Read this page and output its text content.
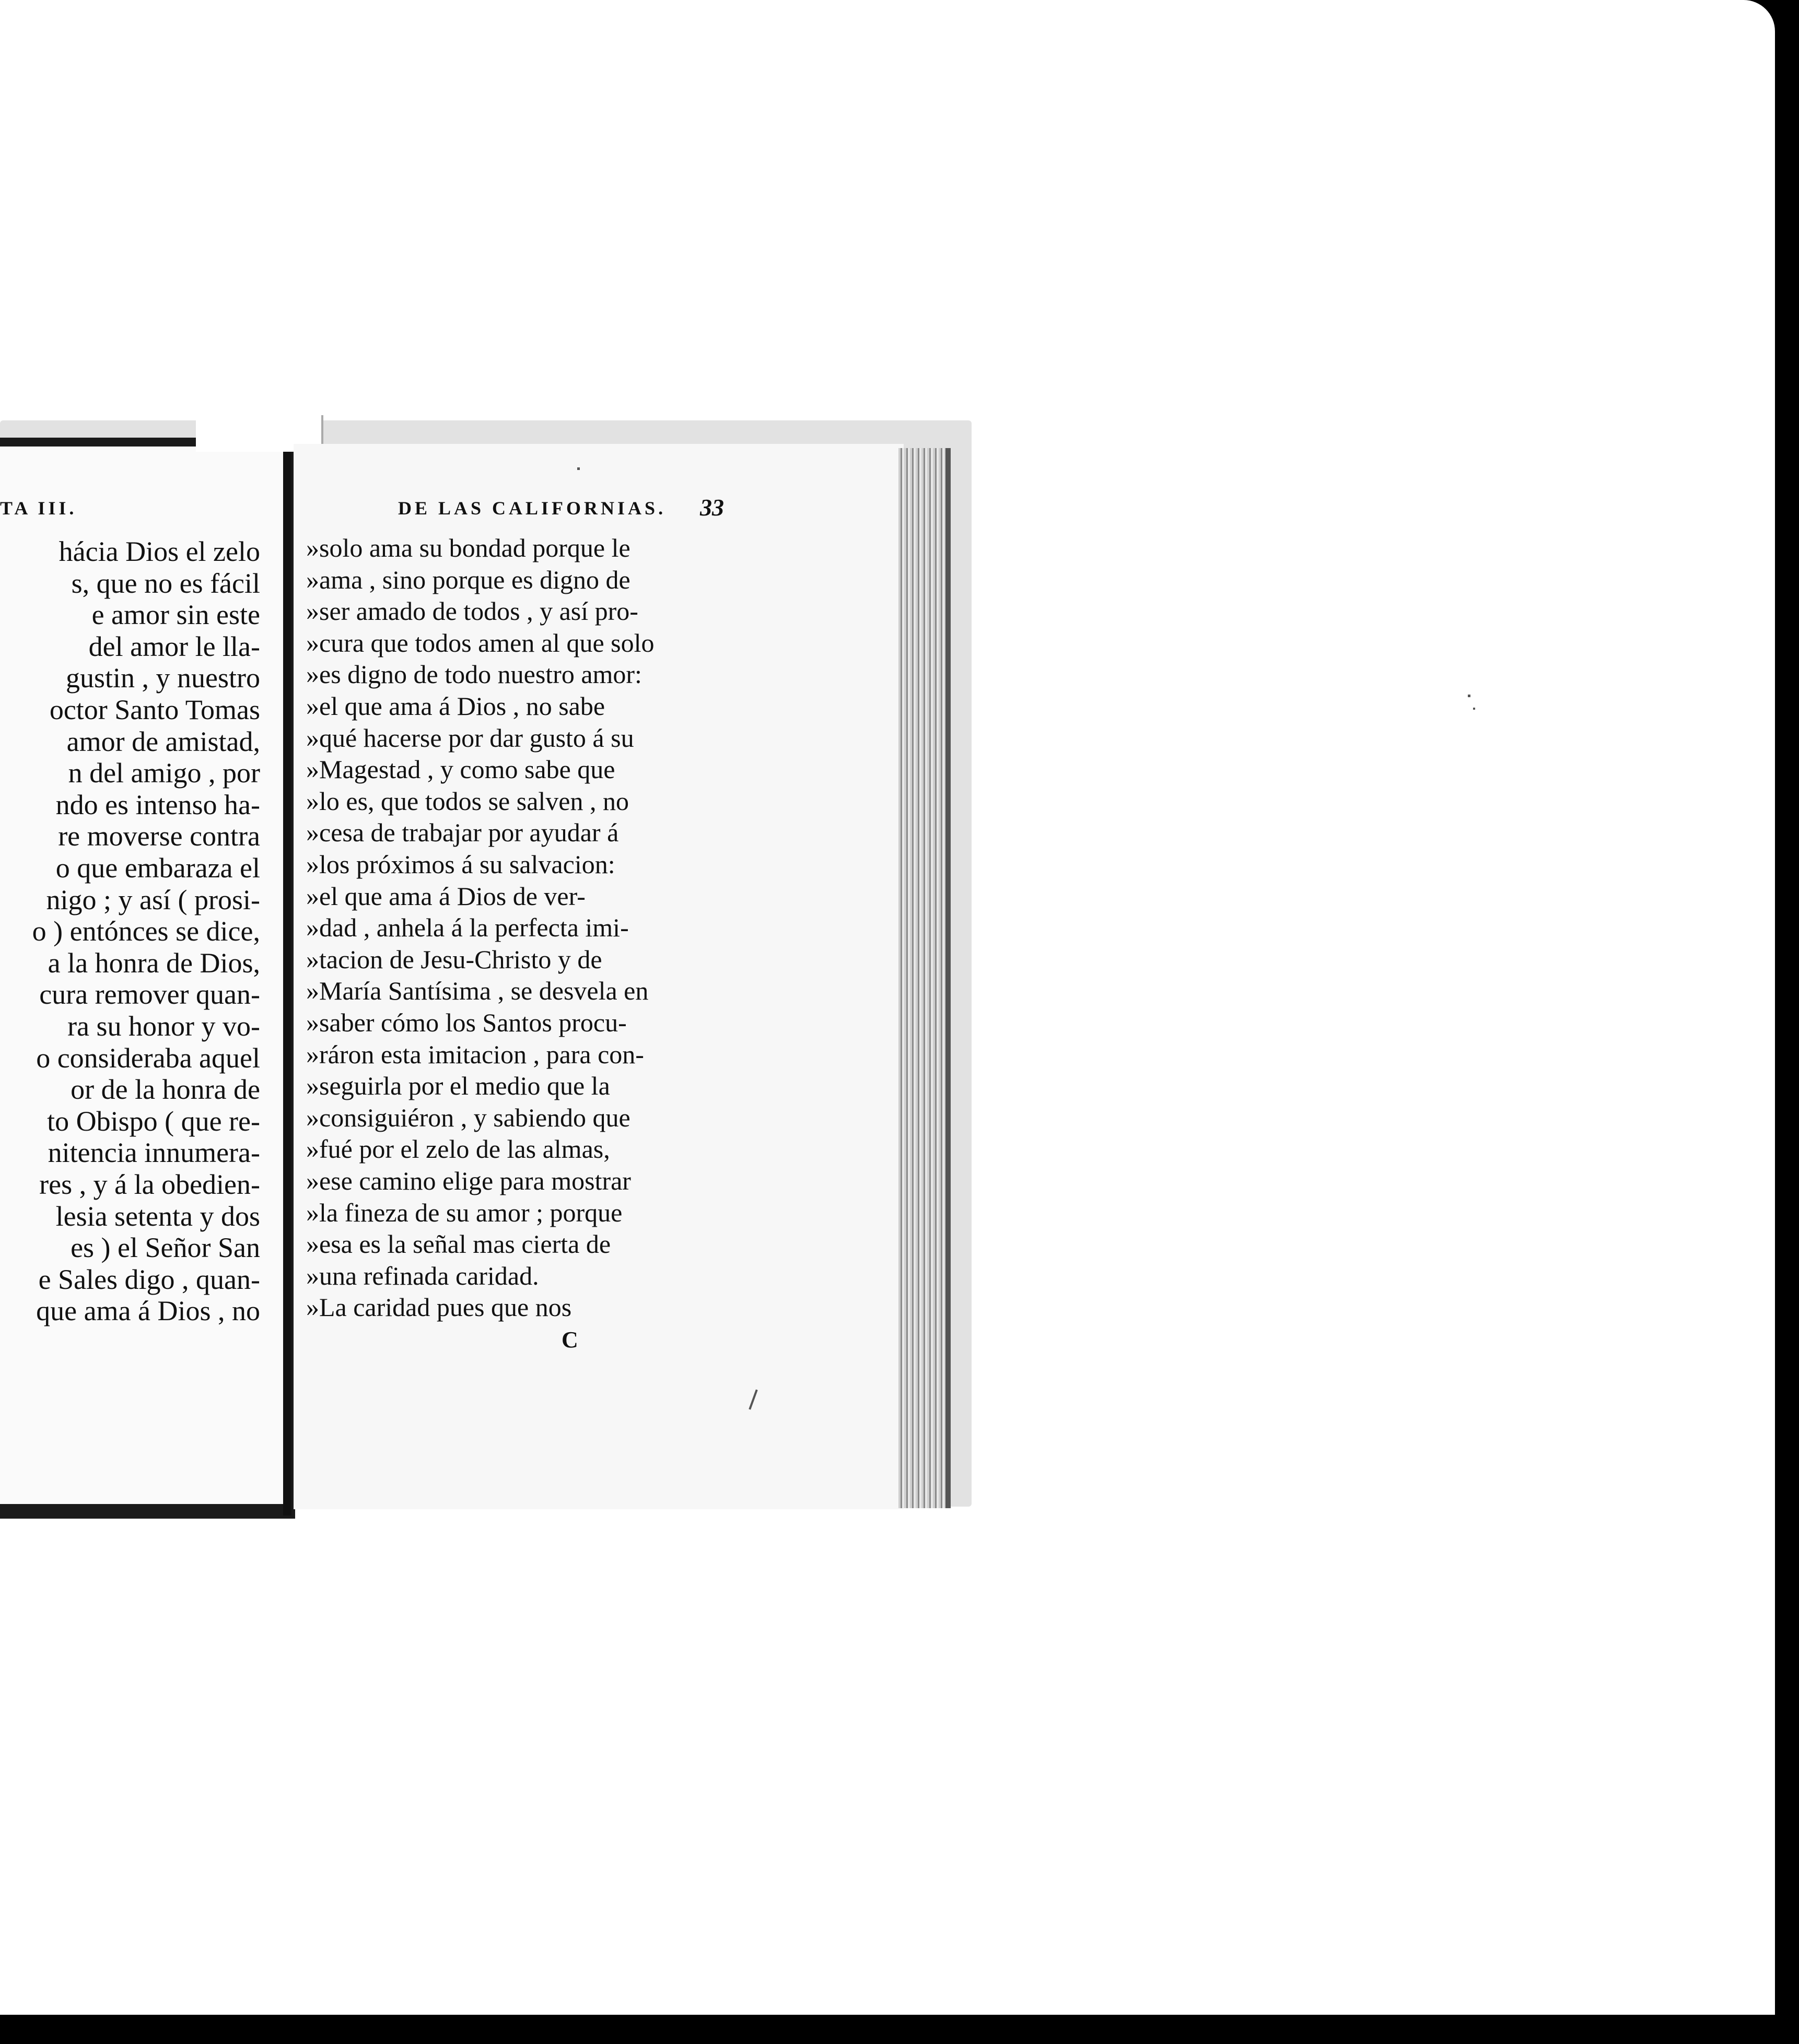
TA III.	DE LAS CALIFORNIAS. 33
C
hácia Dios el zelo
s, que no es fácil
e amor sin este
del amor le lla-
gustin , y nuestro
octor Santo Tomas
amor de amistad,
n del amigo , por
ndo es intenso ha-
re moverse contra
o que embaraza el
nigo ; y así ( prosi-
o ) entónces se dice,
a la honra de Dios,
cura remover quan-
ra su honor y vo-
o consideraba aquel
or de la honra de
to Obispo ( que re-
nitencia innumera-
res , y á la obedien-
lesia setenta y dos
es ) el Señor San
e Sales digo , quan-
que ama á Dios , no
»solo ama su bondad porque le
»ama , sino porque es digno de
»ser amado de todos , y así pro-
»cura que todos amen al que solo
»es digno de todo nuestro amor:
»el que ama á Dios , no sabe
»qué hacerse por dar gusto á su
»Magestad , y como sabe que
»lo es, que todos se salven , no
»cesa de trabajar por ayudar á
»los próximos á su salvacion:
»el que ama á Dios de ver-
»dad , anhela á la perfecta imi-
»tacion de Jesu-Christo y de
»María Santísima , se desvela en
»saber cómo los Santos procu-
»ráron esta imitacion , para con-
»seguirla por el medio que la
»consiguiéron , y sabiendo que
»fué por el zelo de las almas,
»ese camino elige para mostrar
»la fineza de su amor ; porque
»esa es la señal mas cierta de
»una refinada caridad.
»La caridad pues que nos
